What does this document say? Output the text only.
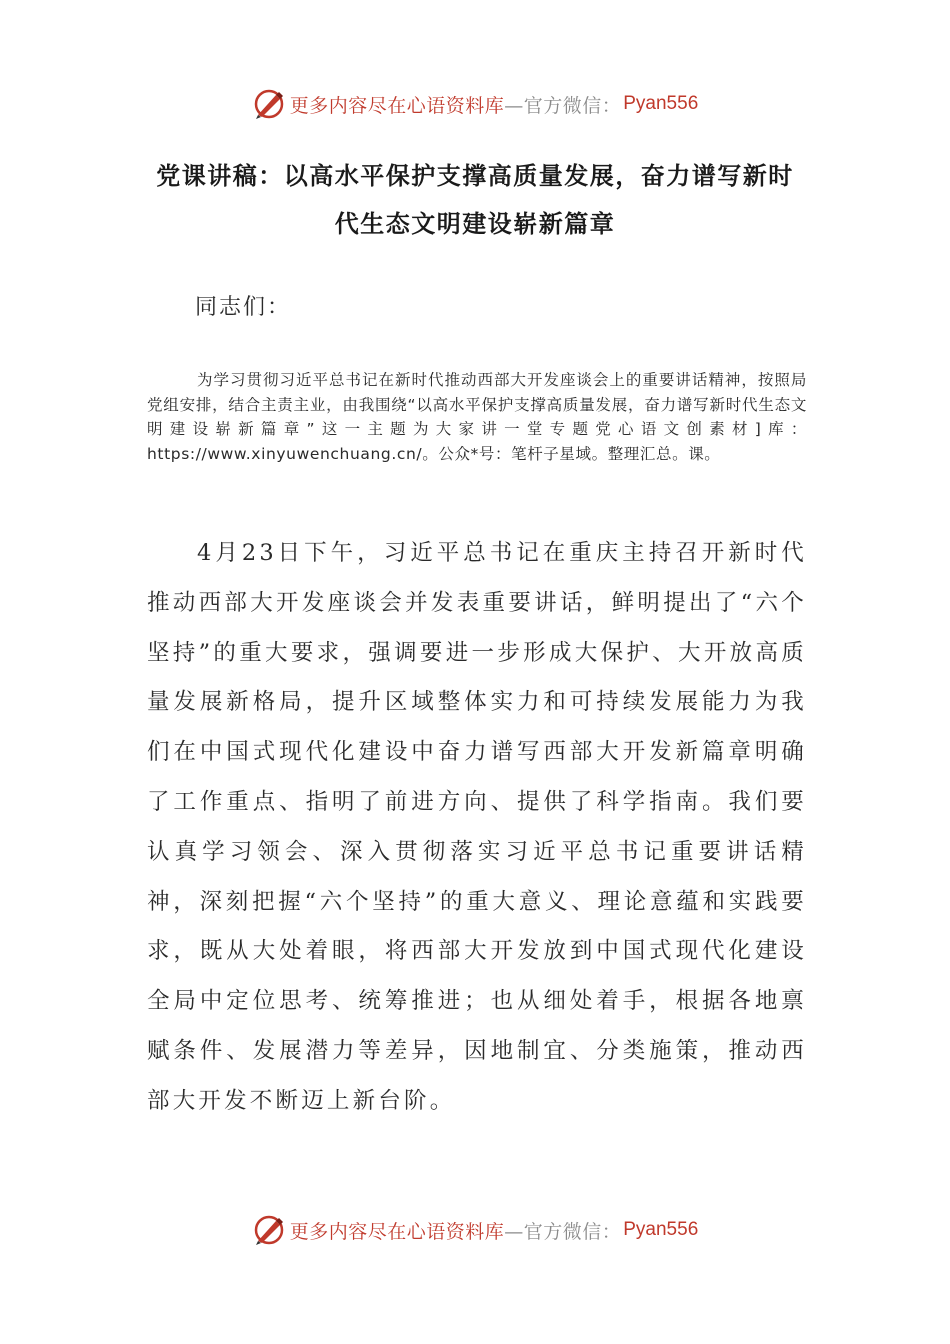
更多内容尽在心语资料库 —官方微信： Pyan556
党课讲稿：以高水平保护支撑高质量发展，奋力谱写新时代生态文明建设崭新篇章
同志们：
为学习贯彻习近平总书记在新时代推动西部大开发座谈会上的重要讲话精神，按照局党组安排，结合主责主业，由我围绕“以高水平保护支撑高质量发展，奋力谱写新时代生态文明建设崭新篇章”这一主题为大家讲一堂专题党心语文创素材]库：https://www.xinyuwenchuang.cn/。公众*号：笔杆子星域。整理汇总。课。
4月23日下午，习近平总书记在重庆主持召开新时代推动西部大开发座谈会并发表重要讲话，鲜明提出了“六个坚持”的重大要求，强调要进一步形成大保护、大开放高质量发展新格局，提升区域整体实力和可持续发展能力为我们在中国式现代化建设中奋力谱写西部大开发新篇章明确了工作重点、指明了前进方向、提供了科学指南。我们要认真学习领会、深入贯彻落实习近平总书记重要讲话精神，深刻把握“六个坚持”的重大意义、理论意蕴和实践要求，既从大处着眼，将西部大开发放到中国式现代化建设全局中定位思考、统筹推进；也从细处着手，根据各地禀赋条件、发展潜力等差异，因地制宜、分类施策，推动西部大开发不断迈上新台阶。
更多内容尽在心语资料库 —官方微信： Pyan556
